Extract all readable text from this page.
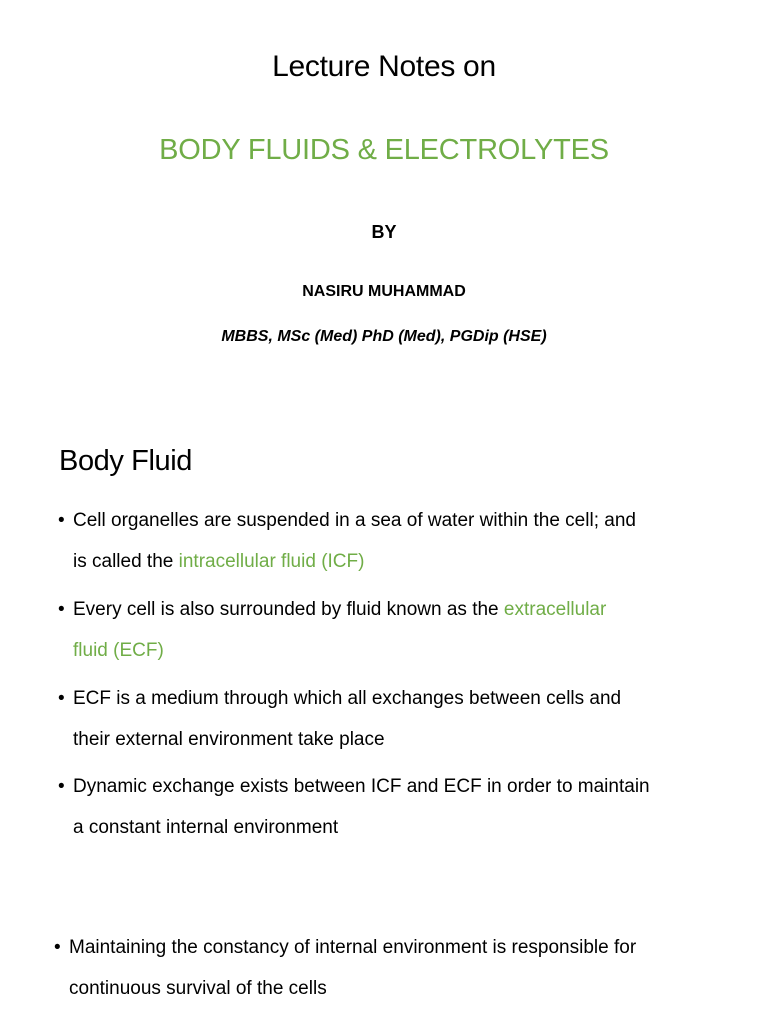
Lecture Notes on
BODY FLUIDS & ELECTROLYTES
BY
NASIRU MUHAMMAD
MBBS, MSc (Med) PhD (Med), PGDip (HSE)
Body Fluid
• Cell organelles are suspended in a sea of water within the cell; and
is called the intracellular fluid (ICF)
• Every cell is also surrounded by fluid known as the extracellular
fluid (ECF)
• ECF is a medium through which all exchanges between cells and
their external environment take place
• Dynamic exchange exists between ICF and ECF in order to maintain
a constant internal environment
• Maintaining the constancy of internal environment is responsible for
continuous survival of the cells
